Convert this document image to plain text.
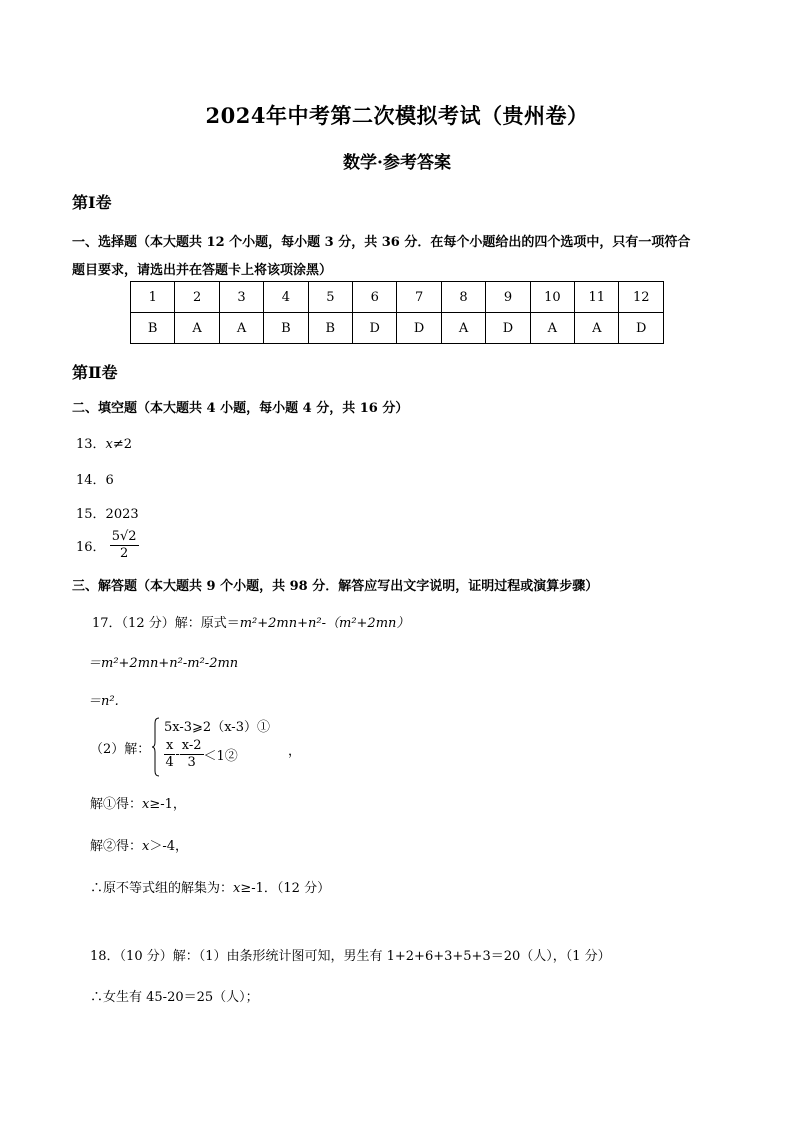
2024年中考第二次模拟考试（贵州卷）
数学·参考答案
第Ⅰ卷
一、选择题（本大题共 12 个小题，每小题 3 分，共 36 分．在每个小题给出的四个选项中，只有一项符合
题目要求，请选出并在答题卡上将该项涂黑）
1	2	3	4	5	6	7	8	9	10	11	12
B	A	A	B	B	D	D	A	D	A	A	D
第Ⅱ卷
二、填空题（本大题共 4 小题，每小题 4 分，共 16 分）
13．x≠2
14．6
15．2023
16． $\frac{5√2}{2}$
三、解答题（本大题共 9 个小题，共 98 分．解答应写出文字说明，证明过程或演算步骤）
17．（12 分）解：原式＝m²+2mn+n²-（m²+2mn）
＝m²+2mn+n²-m²-2mn
＝n².
（2）解：
5x-3⩾2（x-3）①
$\frac{x}{4} - \frac{x-2}{3}$ ＜1②	，
解①得：x≥-1，
解②得：x＞-4，
∴原不等式组的解集为：x≥-1．（12 分）
18．（10 分）解：（1）由条形统计图可知，男生有 1+2+6+3+5+3＝20（人），（1 分）
∴女生有 45-20＝25（人）；
